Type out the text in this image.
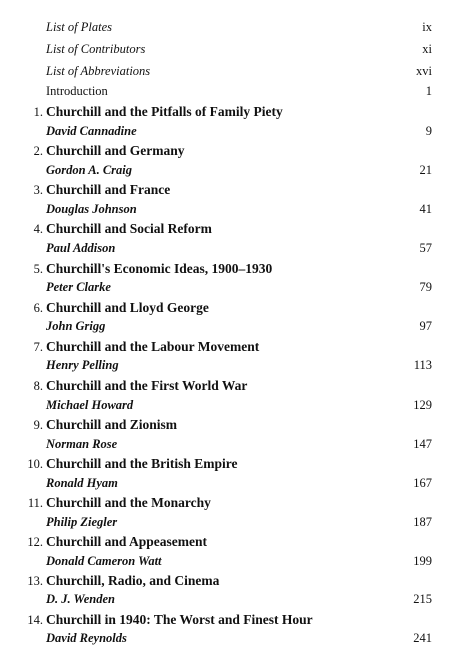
List of Plates	ix
List of Contributors	xi
List of Abbreviations	xvi
Introduction	1
1. Churchill and the Pitfalls of Family Piety
David Cannadine	9
2. Churchill and Germany
Gordon A. Craig	21
3. Churchill and France
Douglas Johnson	41
4. Churchill and Social Reform
Paul Addison	57
5. Churchill's Economic Ideas, 1900–1930
Peter Clarke	79
6. Churchill and Lloyd George
John Grigg	97
7. Churchill and the Labour Movement
Henry Pelling	113
8. Churchill and the First World War
Michael Howard	129
9. Churchill and Zionism
Norman Rose	147
10. Churchill and the British Empire
Ronald Hyam	167
11. Churchill and the Monarchy
Philip Ziegler	187
12. Churchill and Appeasement
Donald Cameron Watt	199
13. Churchill, Radio, and Cinema
D. J. Wenden	215
14. Churchill in 1940: The Worst and Finest Hour
David Reynolds	241
